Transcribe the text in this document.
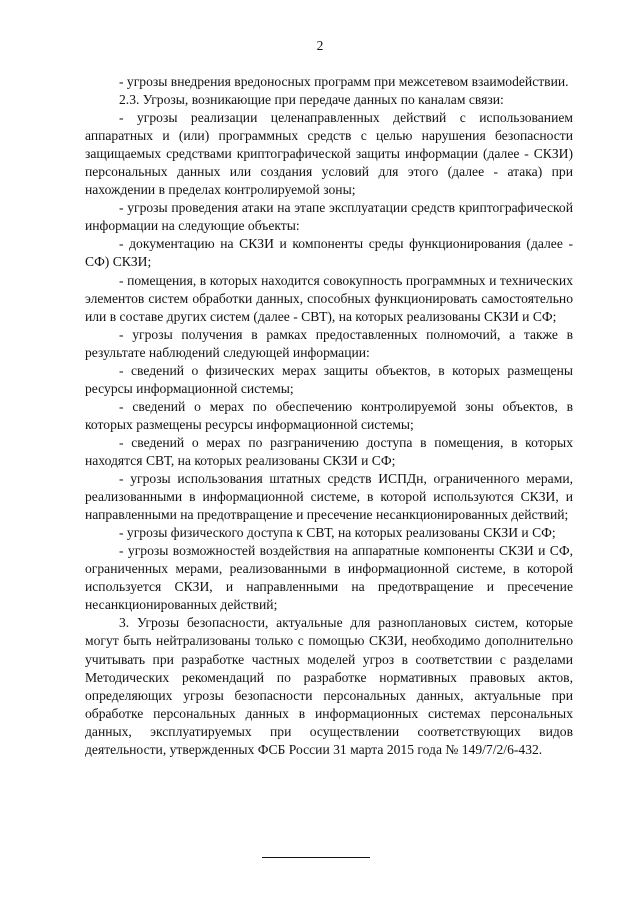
2

- угрозы внедрения вредоносных программ при межсетевом взаимоdействии.

2.3. Угрозы, возникающие при передаче данных по каналам связи:

- угрозы реализации целенаправленных действий с использованием аппаратных и (или) программных средств с целью нарушения безопасности защищаемых средствами криптографической защиты информации (далее - СКЗИ) персональных данных или создания условий для этого (далее - атака) при нахождении в пределах контролируемой зоны;

- угрозы проведения атаки на этапе эксплуатации средств криптографической информации на следующие объекты:

- документацию на СКЗИ и компоненты среды функционирования (далее - СФ) СКЗИ;

- помещения, в которых находится совокупность программных и технических элементов систем обработки данных, способных функционировать самостоятельно или в составе других систем (далее - СВТ), на которых реализованы СКЗИ и СФ;

- угрозы получения в рамках предоставленных полномочий, а также в результате наблюдений следующей информации:

- сведений о физических мерах защиты объектов, в которых размещены ресурсы информационной системы;

- сведений о мерах по обеспечению контролируемой зоны объектов, в которых размещены ресурсы информационной системы;

- сведений о мерах по разграничению доступа в помещения, в которых находятся СВТ, на которых реализованы СКЗИ и СФ;

- угрозы использования штатных средств ИСПДн, ограниченного мерами, реализованными в информационной системе, в которой используются СКЗИ, и направленными на предотвращение и пресечение несанкционированных действий;

- угрозы физического доступа к СВТ, на которых реализованы СКЗИ и СФ;

- угрозы возможностей воздействия на аппаратные компоненты СКЗИ и СФ, ограниченных мерами, реализованными в информационной системе, в которой используется СКЗИ, и направленными на предотвращение и пресечение несанкционированных действий;

3. Угрозы безопасности, актуальные для разноплановых систем, которые могут быть нейтрализованы только с помощью СКЗИ, необходимо дополнительно учитывать при разработке частных моделей угроз в соответствии с разделами Методических рекомендаций по разработке нормативных правовых актов, определяющих угрозы безопасности персональных данных, актуальные при обработке персональных данных в информационных системах персональных данных, эксплуатируемых при осуществлении соответствующих видов деятельности, утвержденных ФСБ России 31 марта 2015 года № 149/7/2/6-432.
